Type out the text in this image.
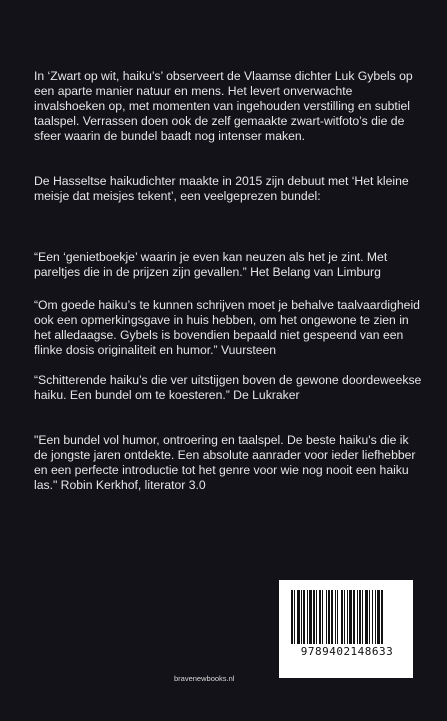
In ‘Zwart op wit, haiku’s’ observeert de Vlaamse dichter Luk Gybels op een aparte manier natuur en mens. Het levert onverwachte invalshoeken op, met momenten van ingehouden verstilling en subtiel taalspel. Verrassen doen ook de zelf gemaakte zwart-witfoto’s die de sfeer waarin de bundel baadt nog intenser maken.

De Hasseltse haikudichter maakte in 2015 zijn debuut met ‘Het kleine meisje dat meisjes tekent’, een veelgeprezen bundel:

“Een ‘genietboekje’ waarin je even kan neuzen als het je zint. Met pareltjes die in de prijzen zijn gevallen.” Het Belang van Limburg

“Om goede haiku’s te kunnen schrijven moet je behalve taalvaardigheid ook een opmerkingsgave in huis hebben, om het ongewone te zien in het alledaagse. Gybels is bovendien bepaald niet gespeend van een flinke dosis originaliteit en humor.” Vuursteen

“Schitterende haiku’s die ver uitstijgen boven de gewone doordeweekse haiku. Een bundel om te koesteren.” De Lukraker

"Een bundel vol humor, ontroering en taalspel. De beste haiku's die ik de jongste jaren ontdekte. Een absolute aanrader voor ieder liefhebber en een perfecte introductie tot het genre voor wie nog nooit een haiku las." Robin Kerkhof, literator 3.0

9789402148633
bravenewbooks.nl
